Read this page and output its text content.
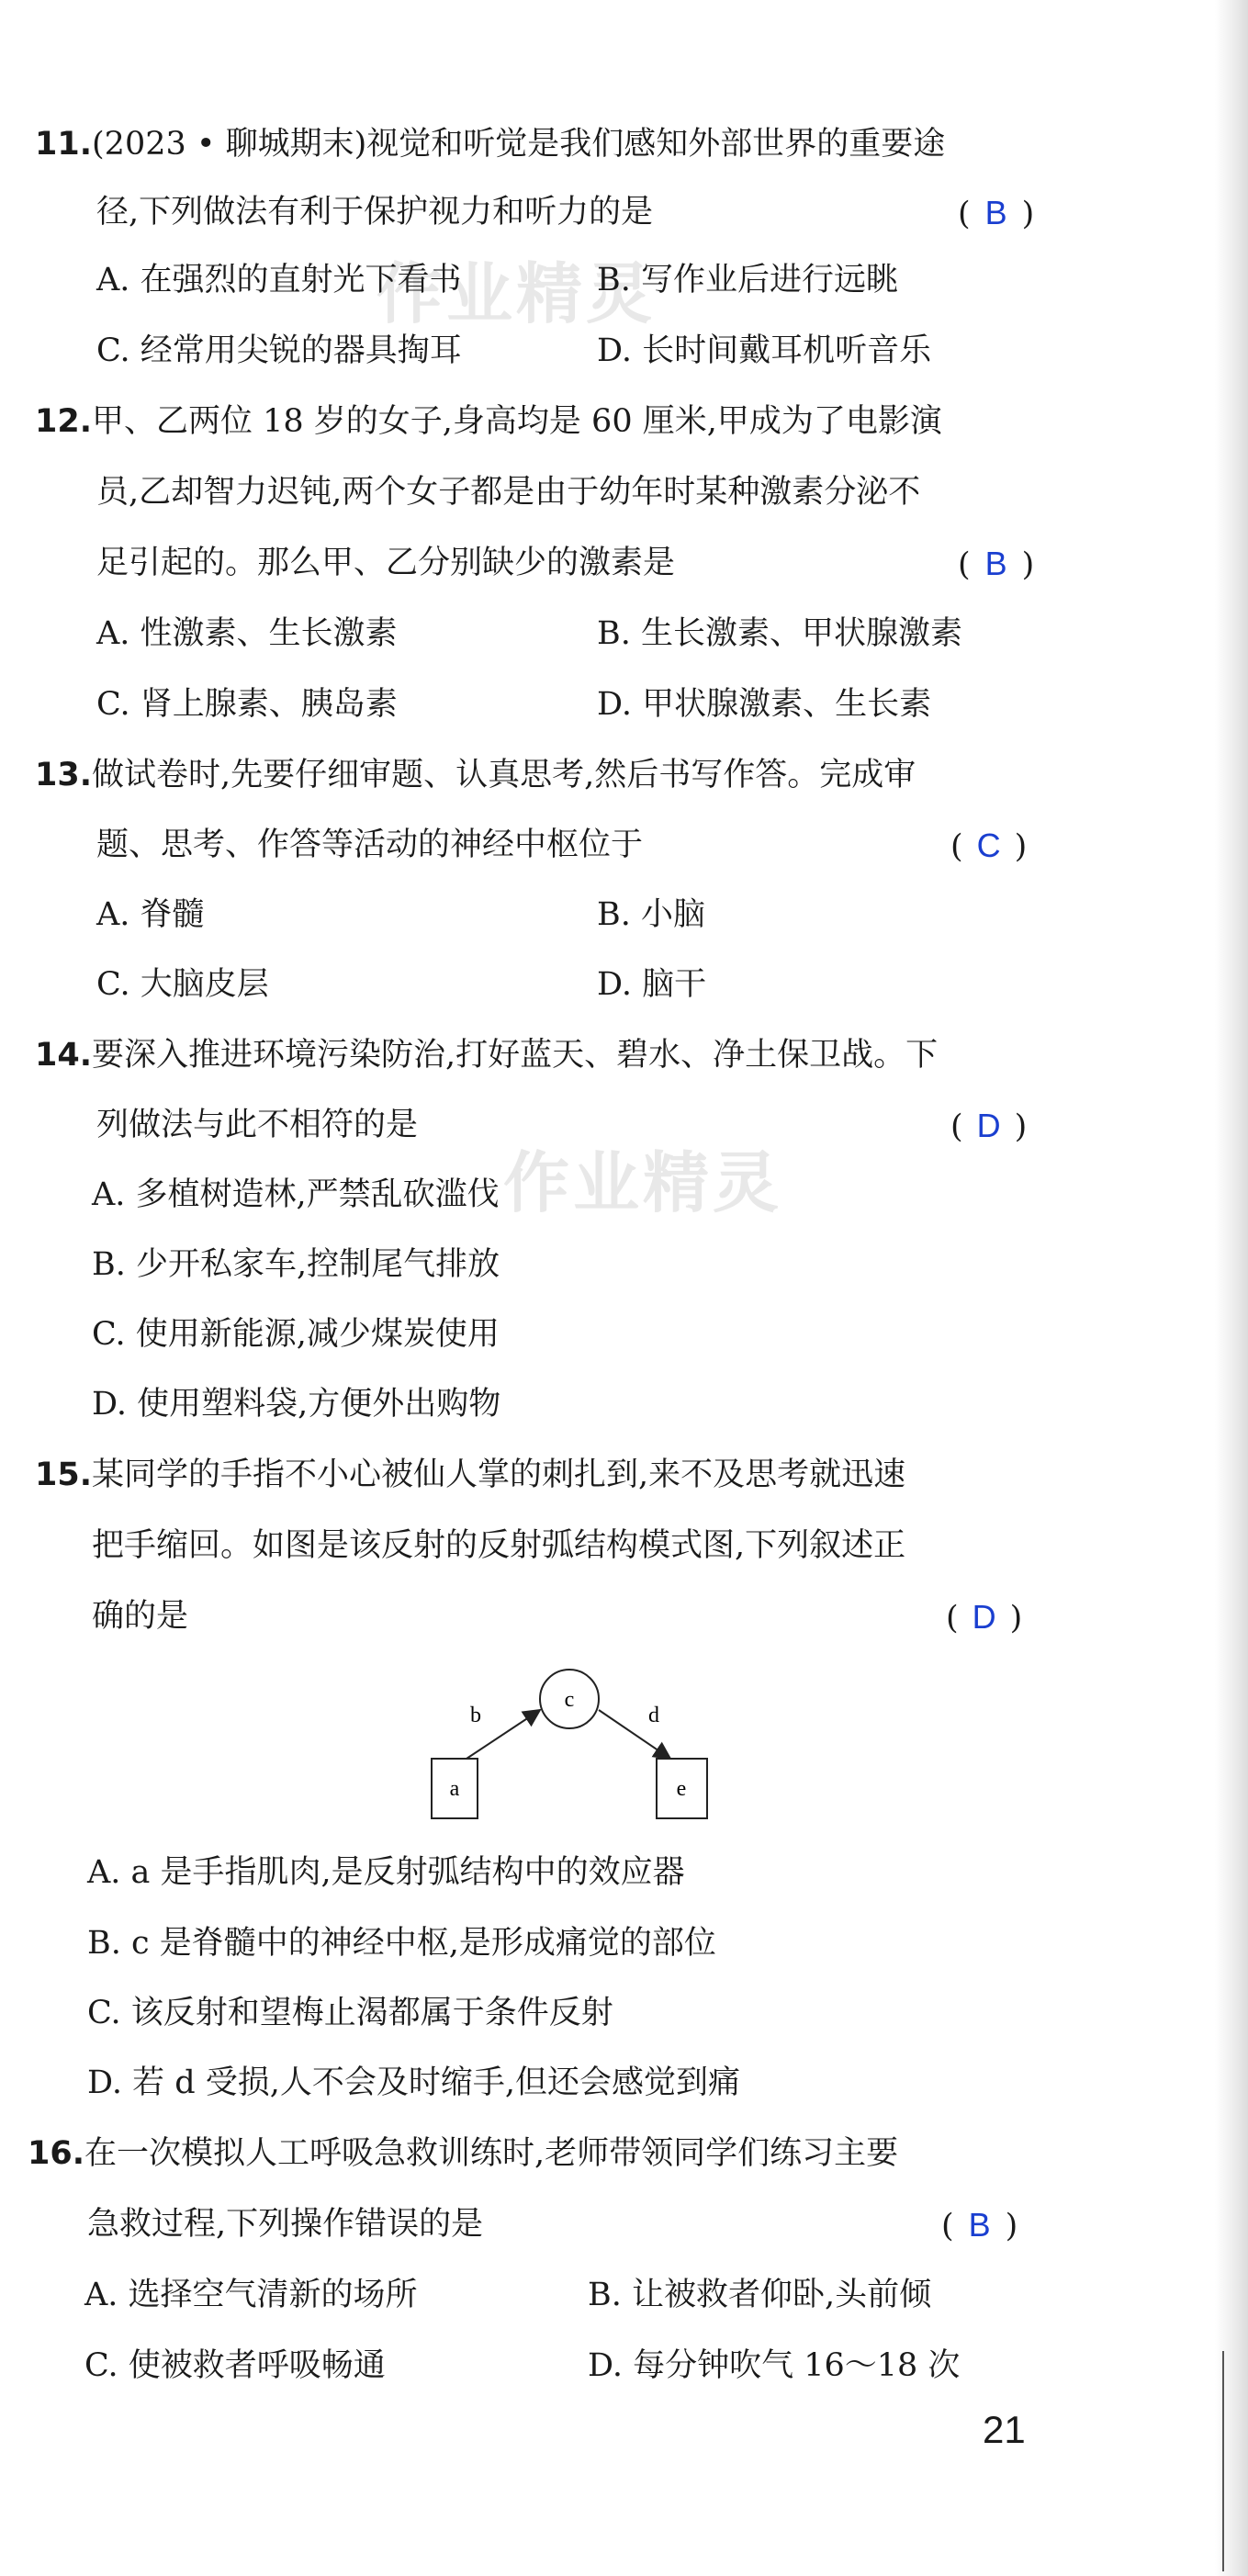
作业精灵
作业精灵
11.(2023 • 聊城期末)视觉和听觉是我们感知外部世界的重要途
径,下列做法有利于保护视力和听力的是	( B )
A. 在强烈的直射光下看书	B. 写作业后进行远眺
C. 经常用尖锐的器具掏耳	D. 长时间戴耳机听音乐
12.甲、乙两位 18 岁的女子,身高均是 60 厘米,甲成为了电影演
员,乙却智力迟钝,两个女子都是由于幼年时某种激素分泌不
足引起的。那么甲、乙分别缺少的激素是	( B )
A. 性激素、生长激素	B. 生长激素、甲状腺激素
C. 肾上腺素、胰岛素	D. 甲状腺激素、生长素
13.做试卷时,先要仔细审题、认真思考,然后书写作答。完成审
题、思考、作答等活动的神经中枢位于	( C )
A. 脊髓	B. 小脑
C. 大脑皮层	D. 脑干
14.要深入推进环境污染防治,打好蓝天、碧水、净土保卫战。下
列做法与此不相符的是	( D )
A. 多植树造林,严禁乱砍滥伐
B. 少开私家车,控制尾气排放
C. 使用新能源,减少煤炭使用
D. 使用塑料袋,方便外出购物
15.某同学的手指不小心被仙人掌的刺扎到,来不及思考就迅速
把手缩回。如图是该反射的反射弧结构模式图,下列叙述正
确的是	( D )
c
a	e
b	d
A. a 是手指肌肉,是反射弧结构中的效应器
B. c 是脊髓中的神经中枢,是形成痛觉的部位
C. 该反射和望梅止渴都属于条件反射
D. 若 d 受损,人不会及时缩手,但还会感觉到痛
16.在一次模拟人工呼吸急救训练时,老师带领同学们练习主要
急救过程,下列操作错误的是	( B )
A. 选择空气清新的场所	B. 让被救者仰卧,头前倾
C. 使被救者呼吸畅通	D. 每分钟吹气 16～18 次
21
